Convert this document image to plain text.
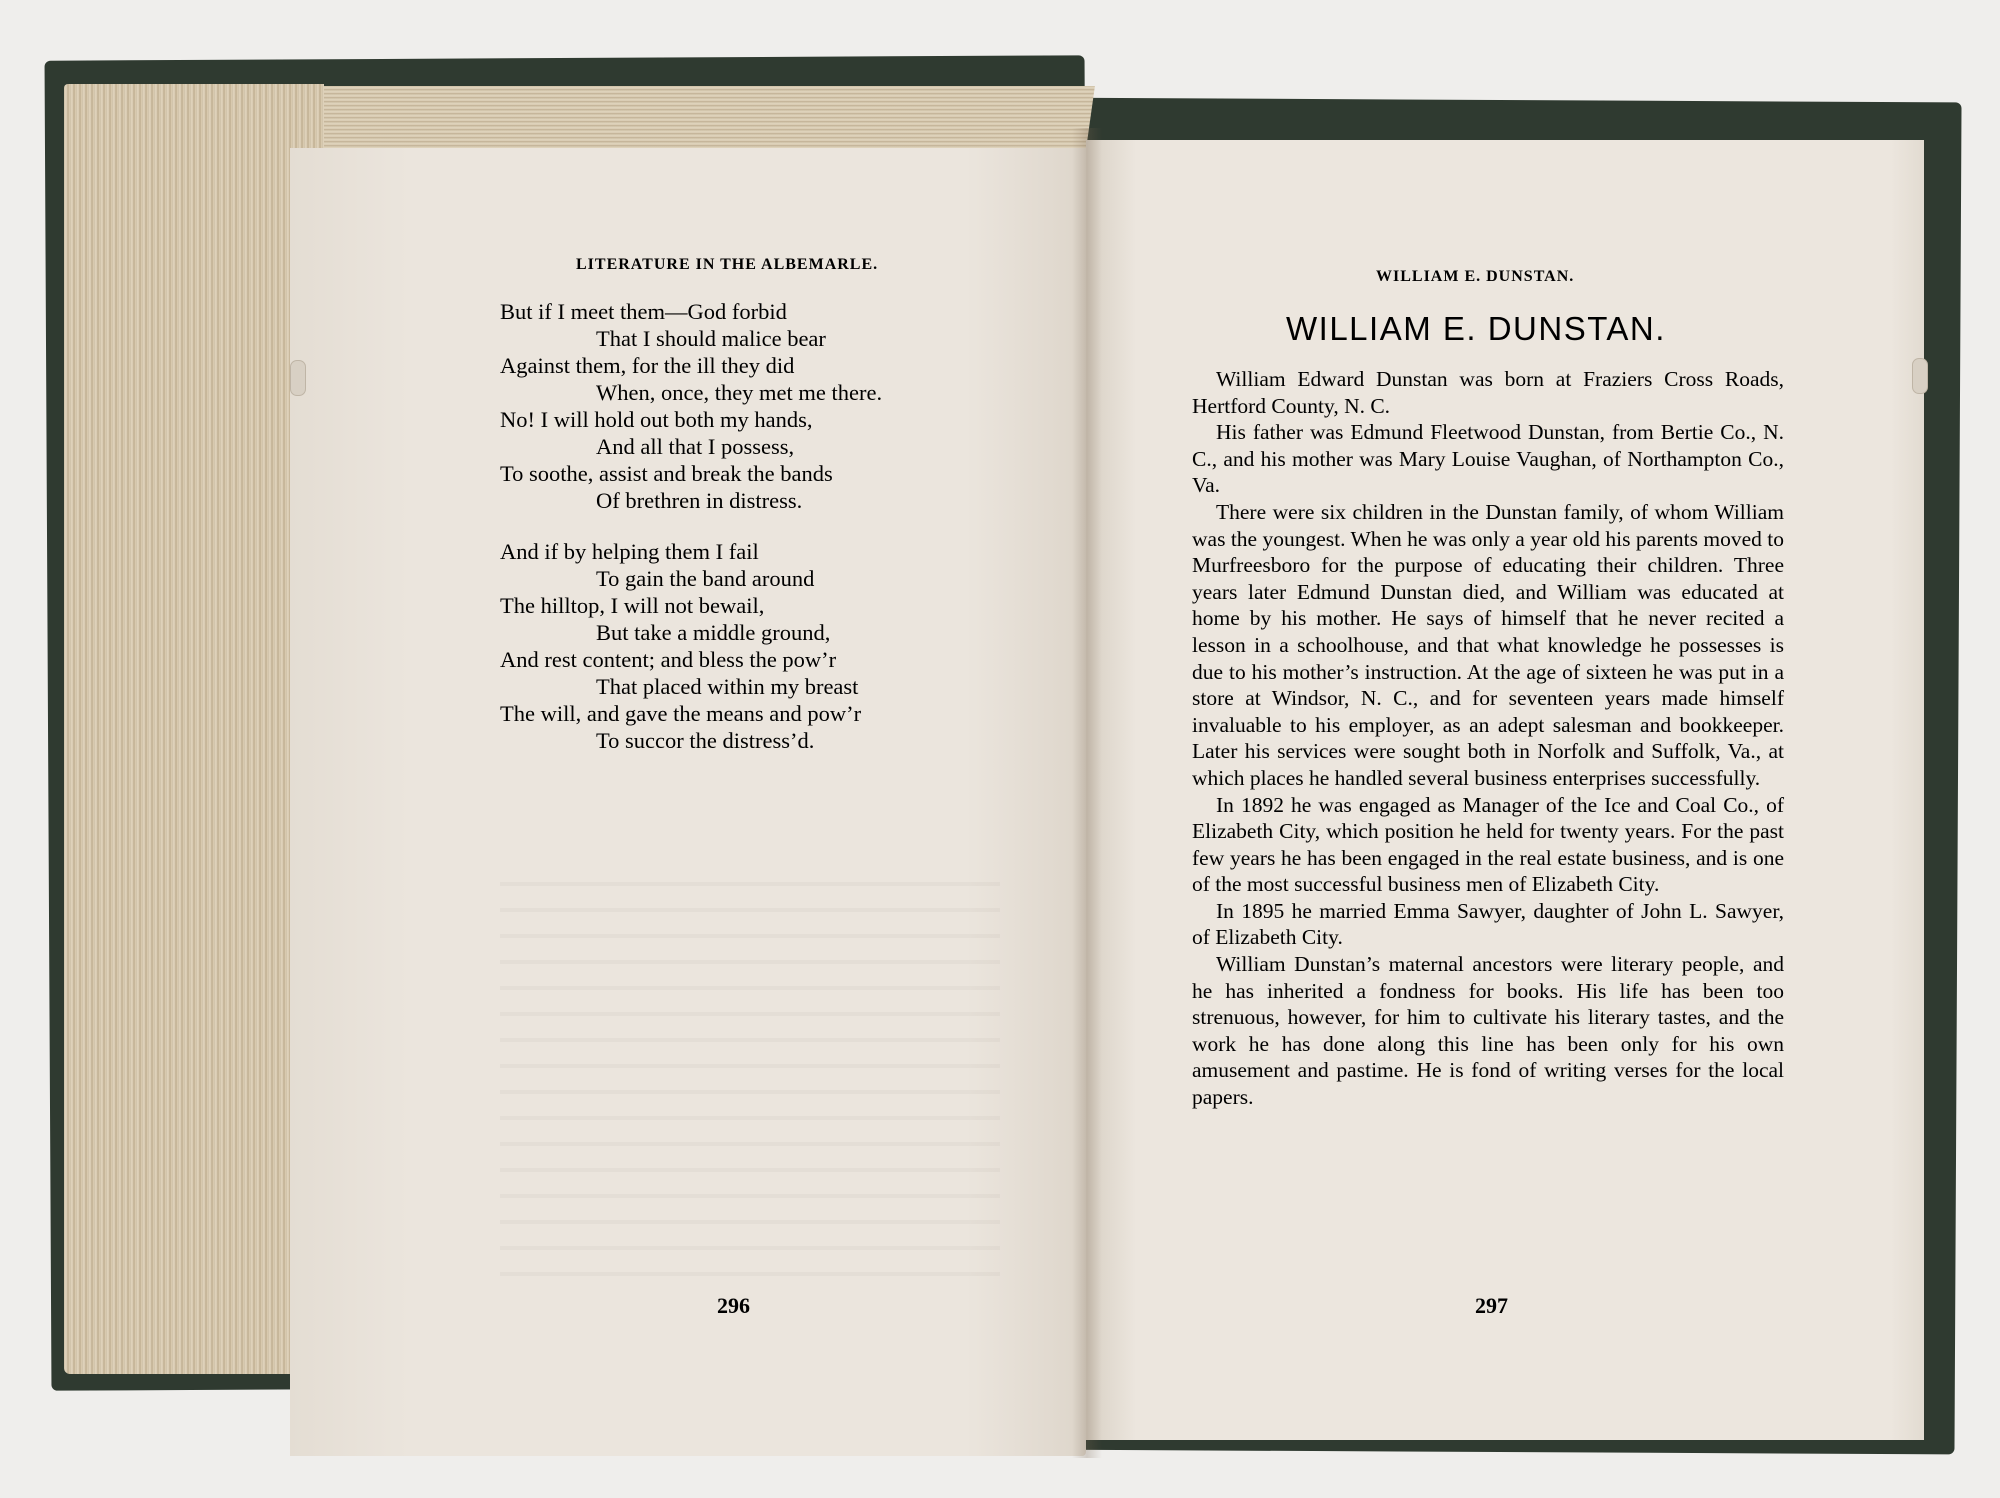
LITERATURE IN THE ALBEMARLE.
But if I meet them—God forbid
That I should malice bear
Against them, for the ill they did
When, once, they met me there.
No! I will hold out both my hands,
And all that I possess,
To soothe, assist and break the bands
Of brethren in distress.
And if by helping them I fail
To gain the band around
The hilltop, I will not bewail,
But take a middle ground,
And rest content; and bless the pow’r
That placed within my breast
The will, and gave the means and pow’r
To succor the distress’d.
296
WILLIAM E. DUNSTAN.
WILLIAM E. DUNSTAN.

William Edward Dunstan was born at Fraziers Cross Roads, Hertford County, N. C.

His father was Edmund Fleetwood Dunstan, from Bertie Co., N. C., and his mother was Mary Louise Vaughan, of Northampton Co., Va.

There were six children in the Dunstan family, of whom William was the youngest. When he was only a year old his parents moved to Murfreesboro for the purpose of educating their children. Three years later Edmund Dunstan died, and William was educated at home by his mother. He says of himself that he never recited a lesson in a schoolhouse, and that what knowledge he possesses is due to his mother’s instruction. At the age of sixteen he was put in a store at Windsor, N. C., and for seventeen years made himself invaluable to his employer, as an adept salesman and bookkeeper. Later his services were sought both in Norfolk and Suffolk, Va., at which places he handled several business enterprises successfully.

In 1892 he was engaged as Manager of the Ice and Coal Co., of Elizabeth City, which position he held for twenty years. For the past few years he has been engaged in the real estate business, and is one of the most successful business men of Elizabeth City.

In 1895 he married Emma Sawyer, daughter of John L. Sawyer, of Elizabeth City.

William Dunstan’s maternal ancestors were literary people, and he has inherited a fondness for books. His life has been too strenuous, however, for him to cultivate his literary tastes, and the work he has done along this line has been only for his own amusement and pastime. He is fond of writing verses for the local papers.

297
